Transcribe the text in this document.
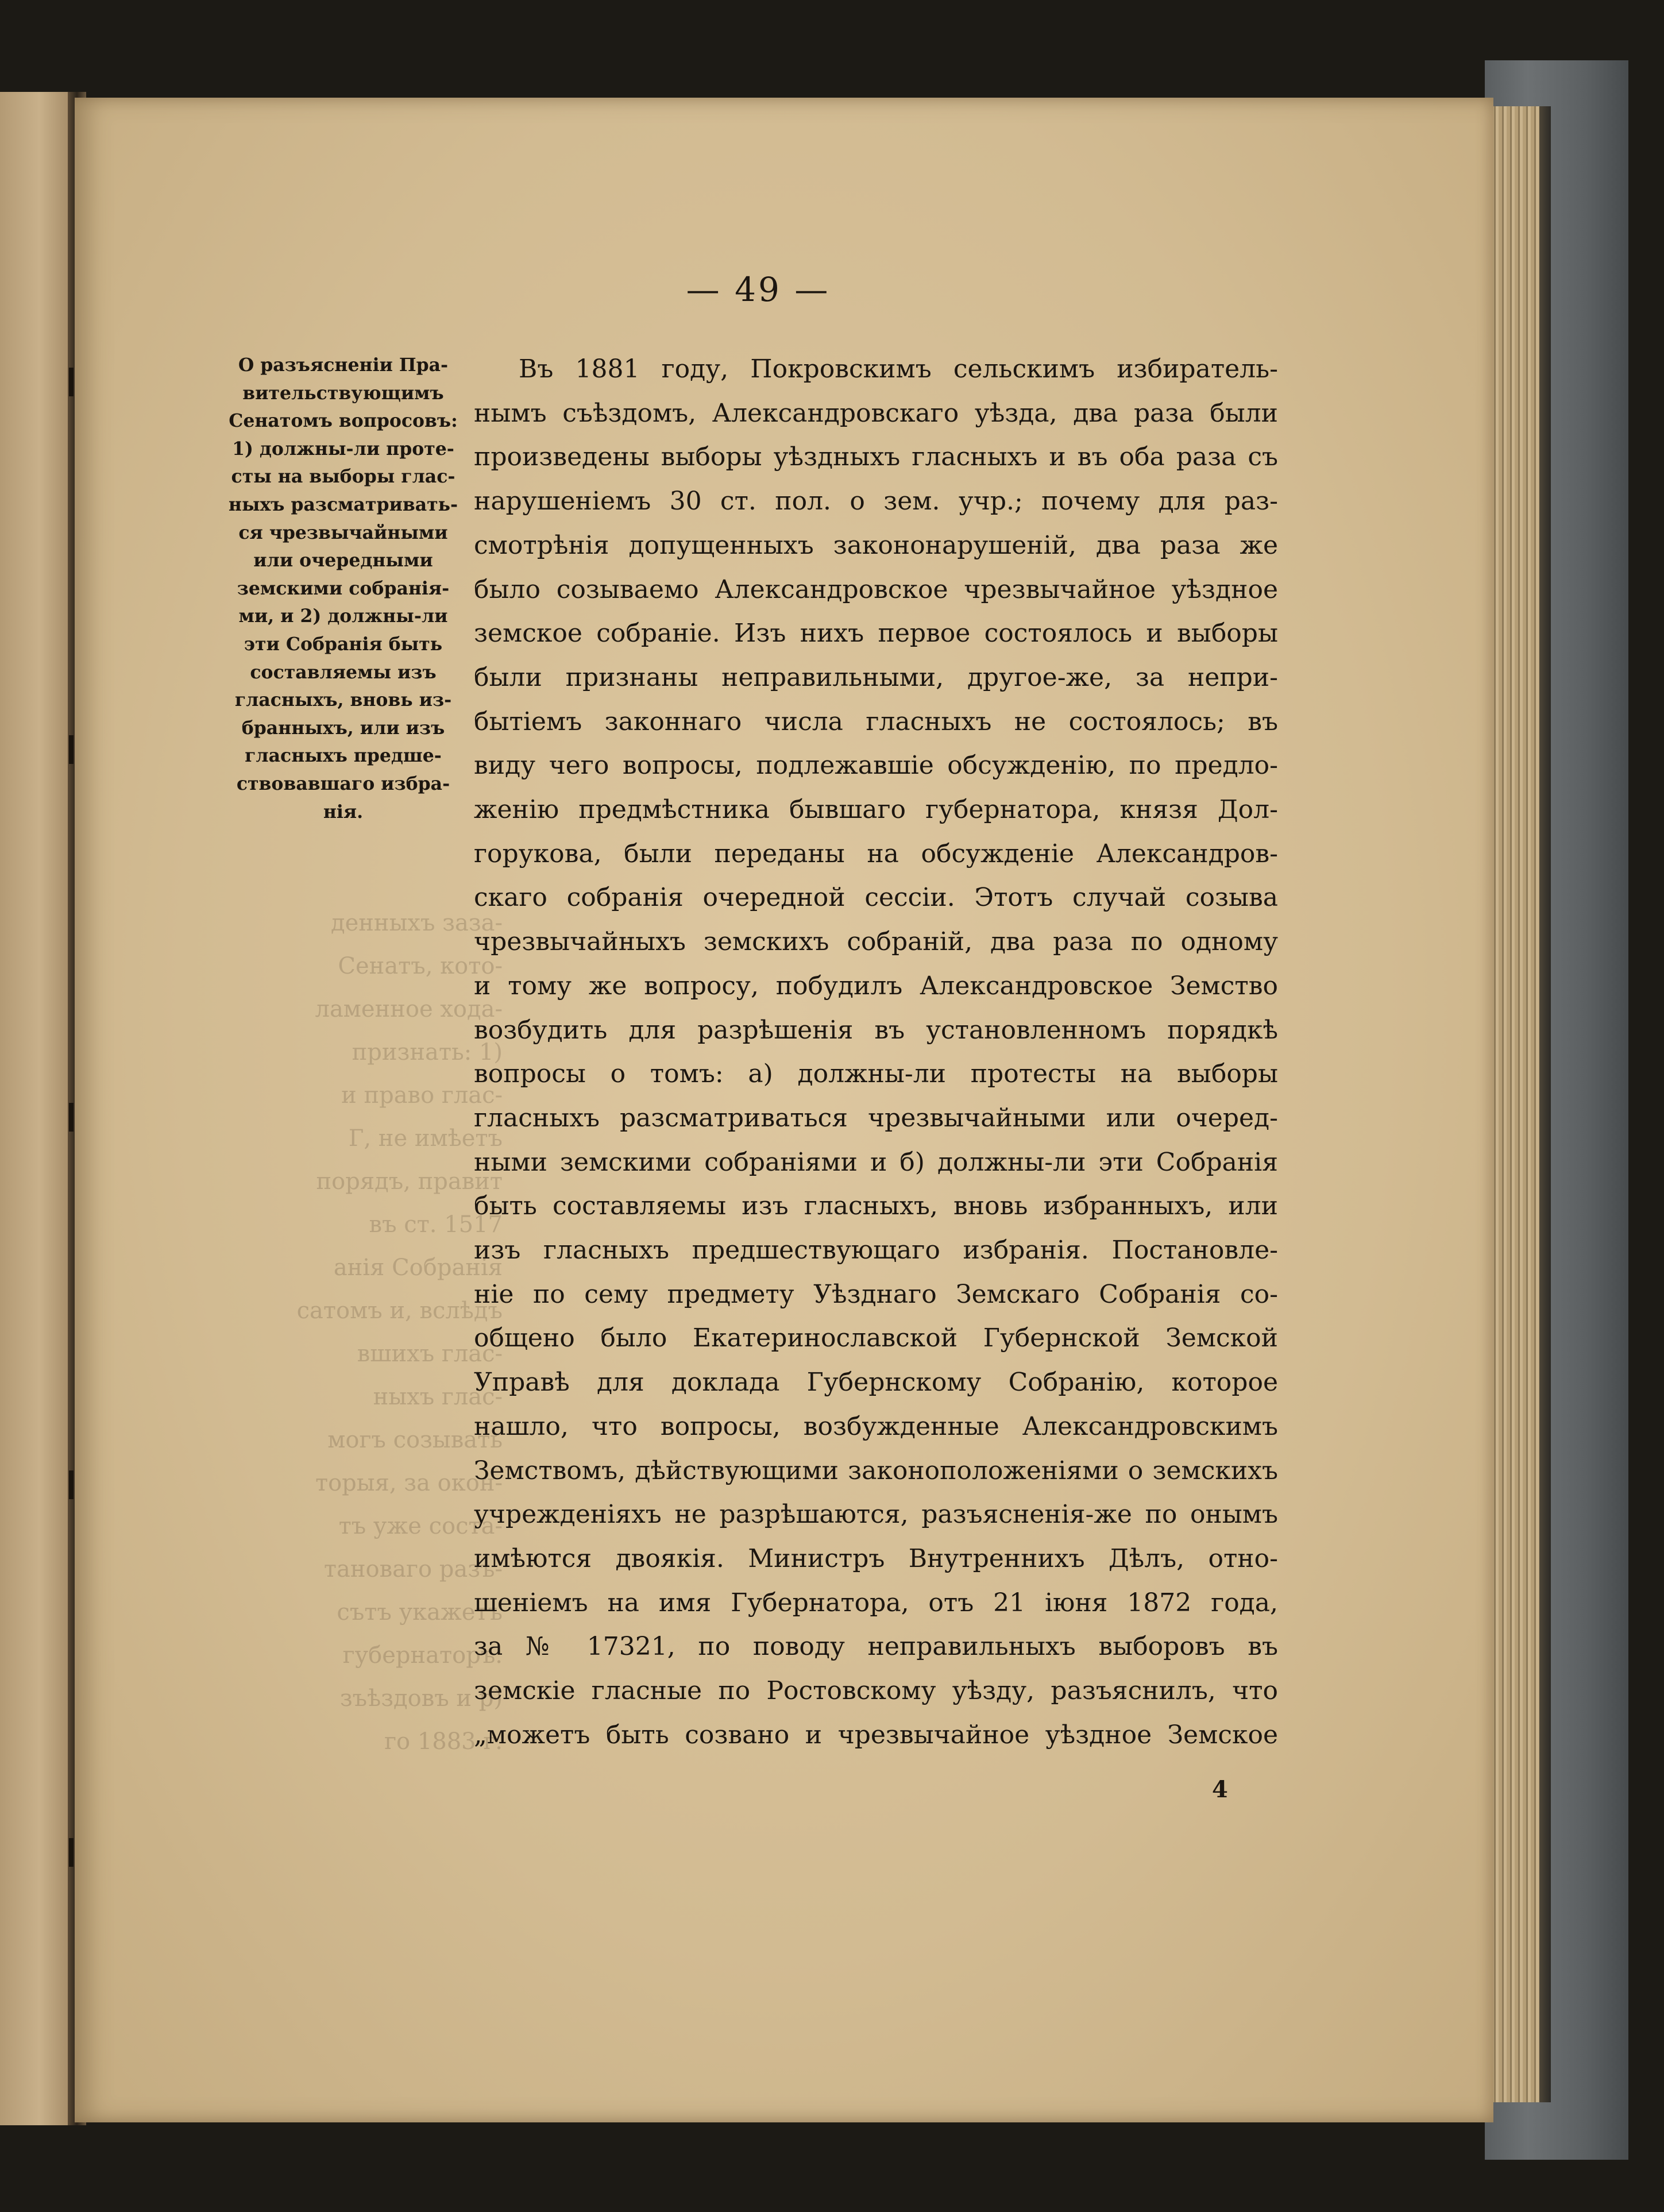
денныхъ заза-
Сенатъ, кото-
ламенное хода-
признать: 1)
и право глас-
Г, не имѣетъ
порядъ, правит
въ ст. 1517
анія Собранія
сатомъ и, вслѣдъ
вшихъ глас-
ныхъ глас-
могъ созывать
торыя, за окон-
тъ уже соста-
тановаго разъ-
сътъ укажетъ
губернаторъ.
зъѣздовъ и р)
го 1883 г.
— 49 —
О разъясненіи Пра-
вительствующимъ
Сенатомъ вопросовъ:
1) должны-ли проте-
сты на выборы глас-
ныхъ разсматривать-
ся чрезвычайными
или очередными
земскими собранія-
ми, и 2) должны-ли
эти Собранія быть
составляемы изъ
гласныхъ, вновь из-
бранныхъ, или изъ
гласныхъ предше-
ствовавшаго избра-
нія.
Въ 1881 году, Покровскимъ сельскимъ избиратель-
нымъ съѣздомъ, Александровскаго уѣзда, два раза были
произведены выборы уѣздныхъ гласныхъ и въ оба раза съ
нарушеніемъ 30 ст. пол. о зем. учр.; почему для раз-
смотрѣнія допущенныхъ закононарушеній, два раза же
было созываемо Александровское чрезвычайное уѣздное
земское собраніе. Изъ нихъ первое состоялось и выборы
были признаны неправильными, другое-же, за непри-
бытіемъ законнаго числа гласныхъ не состоялось; въ
виду чего вопросы, подлежавшіе обсужденію, по предло-
женію предмѣстника бывшаго губернатора, князя Дол-
горукова, были переданы на обсужденіе Александров-
скаго собранія очередной сессіи. Этотъ случай созыва
чрезвычайныхъ земскихъ собраній, два раза по одному
и тому же вопросу, побудилъ Александровское Земство
возбудить для разрѣшенія въ установленномъ порядкѣ
вопросы о томъ: а) должны-ли протесты на выборы
гласныхъ разсматриваться чрезвычайными или очеред-
ными земскими собраніями и б) должны-ли эти Собранія
быть составляемы изъ гласныхъ, вновь избранныхъ, или
изъ гласныхъ предшествующаго избранія. Постановле-
ніе по сему предмету Уѣзднаго Земскаго Собранія со-
общено было Екатеринославской Губернской Земской
Управѣ для доклада Губернскому Собранію, которое
нашло, что вопросы, возбужденные Александровскимъ
Земствомъ, дѣйствующими законоположеніями о земскихъ
учрежденіяхъ не разрѣшаются, разъясненія-же по онымъ
имѣются двоякія. Министръ Внутреннихъ Дѣлъ, отно-
шеніемъ на имя Губернатора, отъ 21 іюня 1872 года,
за № 17321, по поводу неправильныхъ выборовъ въ
земскіе гласные по Ростовскому уѣзду, разъяснилъ, что
„можетъ быть созвано и чрезвычайное уѣздное Земское
4
